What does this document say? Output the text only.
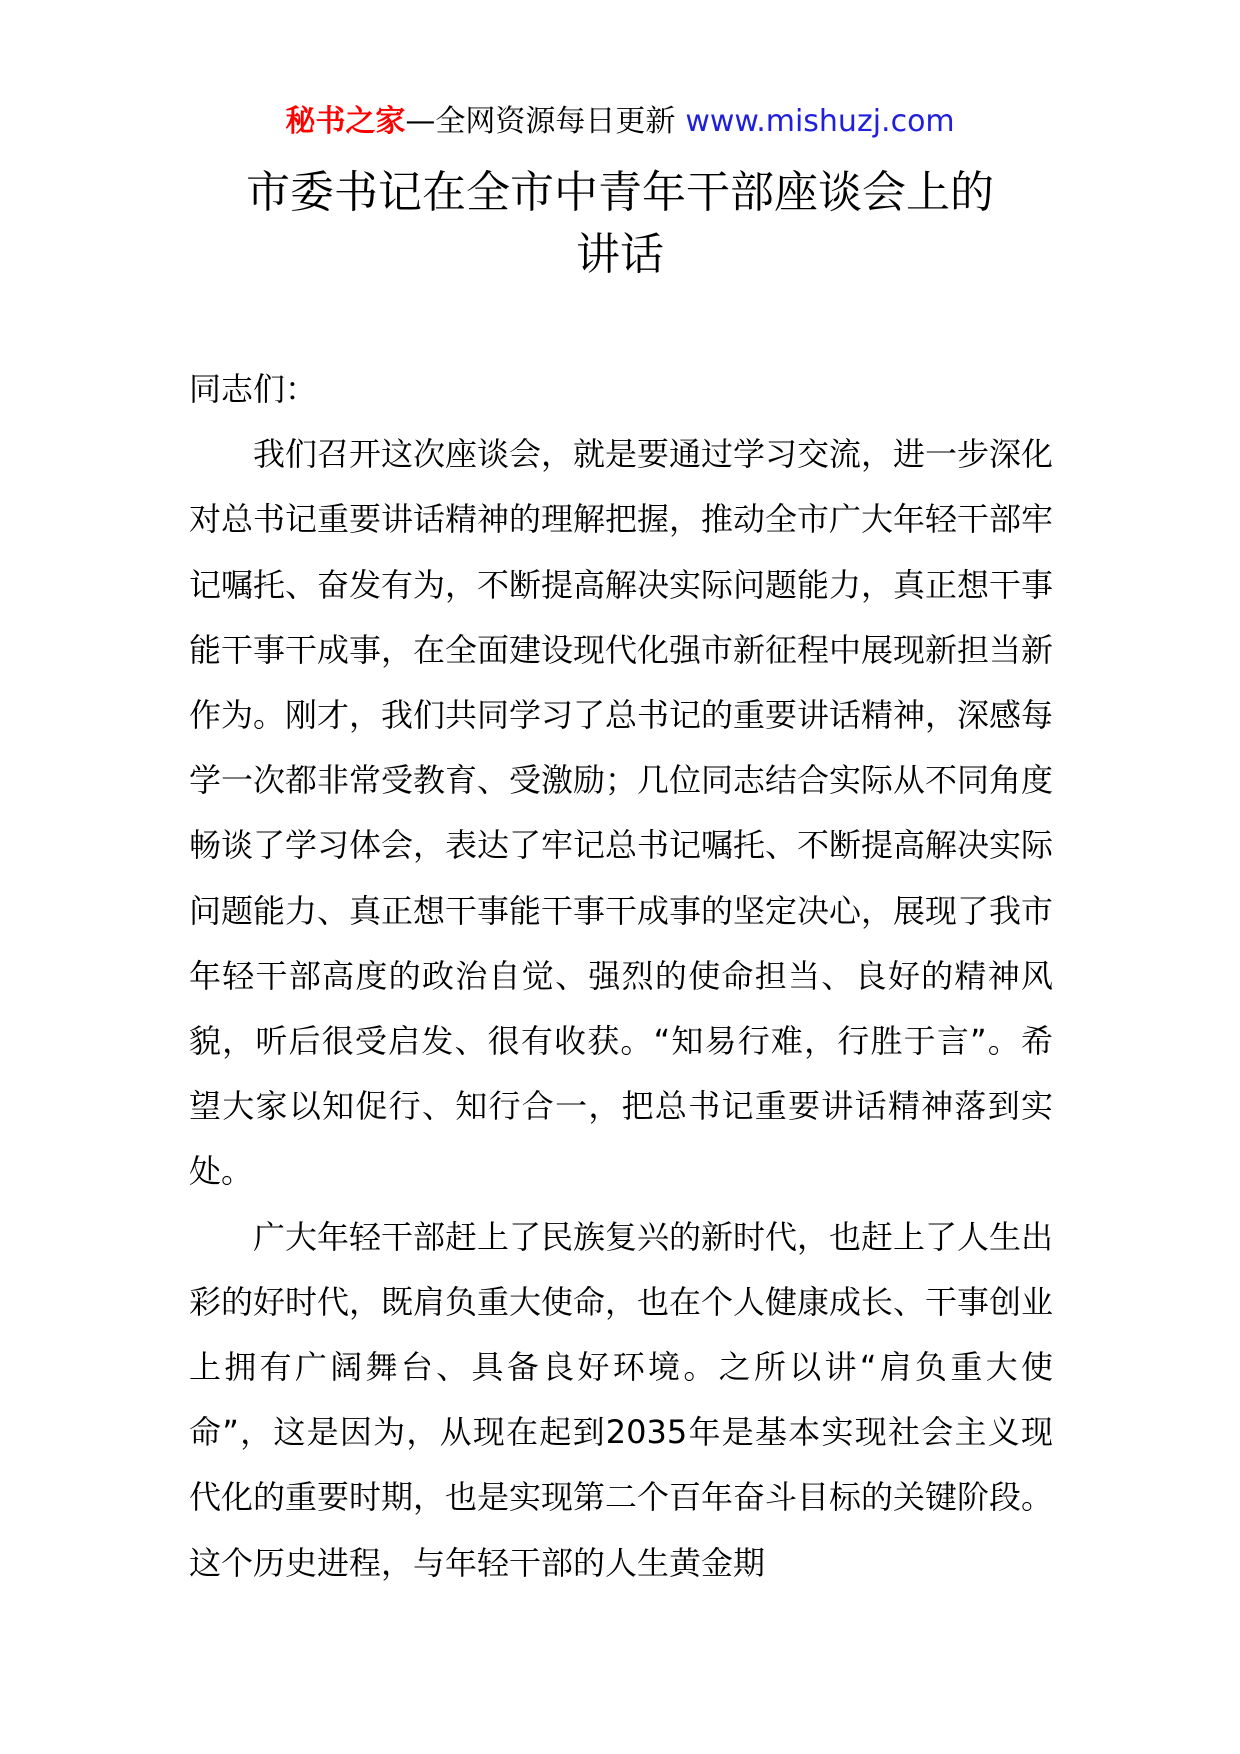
秘书之家—全网资源每日更新 www.mishuzj.com
市委书记在全市中青年干部座谈会上的
讲话

同志们：

我们召开这次座谈会，就是要通过学习交流，进一步深化对总书记重要讲话精神的理解把握，推动全市广大年轻干部牢记嘱托、奋发有为，不断提高解决实际问题能力，真正想干事能干事干成事，在全面建设现代化强市新征程中展现新担当新作为。刚才，我们共同学习了总书记的重要讲话精神，深感每学一次都非常受教育、受激励；几位同志结合实际从不同角度畅谈了学习体会，表达了牢记总书记嘱托、不断提高解决实际问题能力、真正想干事能干事干成事的坚定决心，展现了我市年轻干部高度的政治自觉、强烈的使命担当、良好的精神风貌，听后很受启发、很有收获。“知易行难，行胜于言”。希望大家以知促行、知行合一，把总书记重要讲话精神落到实处。

广大年轻干部赶上了民族复兴的新时代，也赶上了人生出彩的好时代，既肩负重大使命，也在个人健康成长、干事创业上拥有广阔舞台、具备良好环境。之所以讲“肩负重大使命”，这是因为，从现在起到2035年是基本实现社会主义现代化的重要时期，也是实现第二个百年奋斗目标的关键阶段。这个历史进程，与年轻干部的人生黄金期
